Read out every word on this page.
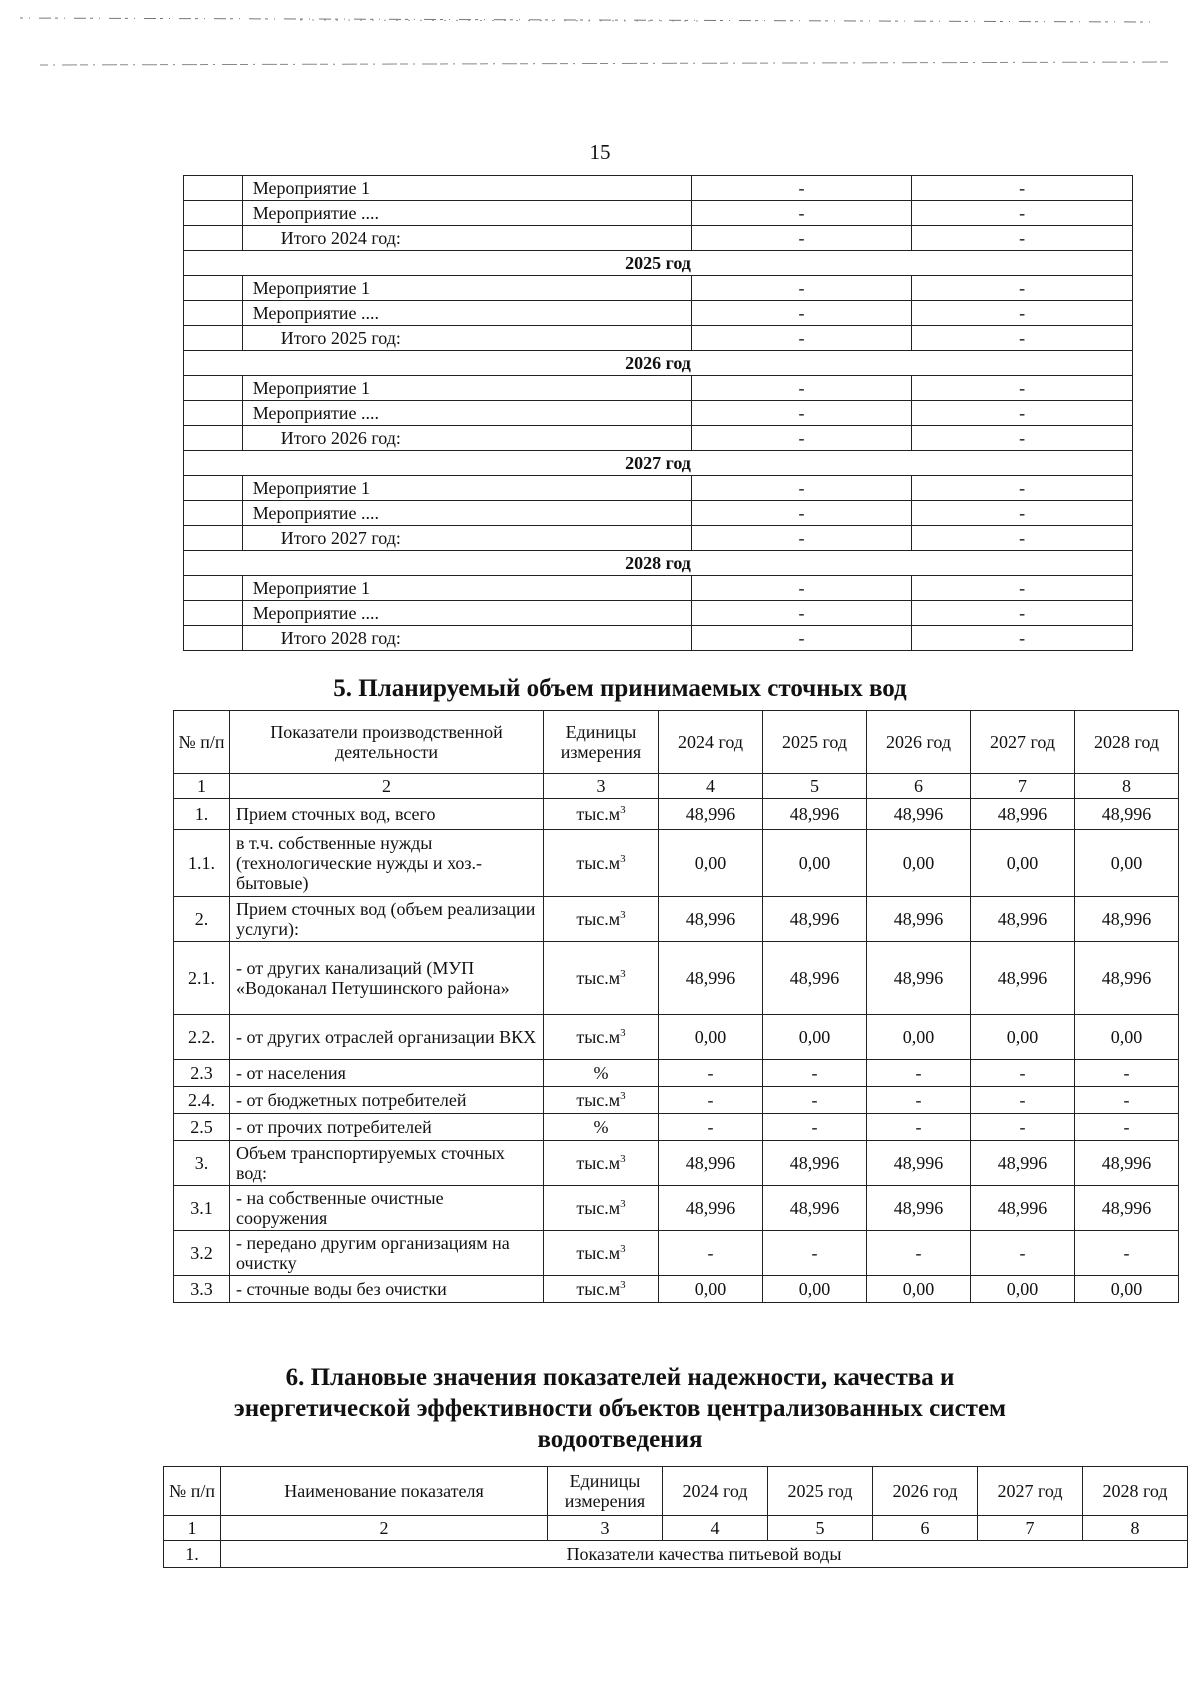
15
	Мероприятие 1	-	-
	Мероприятие ....	-	-
	Итого 2024 год:	-	-
2025 год			
	Мероприятие 1	-	-
	Мероприятие ....	-	-
	Итого 2025 год:	-	-
2026 год			
	Мероприятие 1	-	-
	Мероприятие ....	-	-
	Итого 2026 год:	-	-
2027 год			
	Мероприятие 1	-	-
	Мероприятие ....	-	-
	Итого 2027 год:	-	-
2028 год			
	Мероприятие 1	-	-
	Мероприятие ....	-	-
	Итого 2028 год:	-	-
5. Планируемый объем принимаемых сточных вод
№ п/п	Показатели производственной деятельности	Единицы измерения	2024 год	2025 год	2026 год	2027 год	2028 год
1	2	3	4	5	6	7	8
1.	Прием сточных вод, всего	$тыс.м^3$	48,996	48,996	48,996	48,996	48,996
1.1.	в т.ч. собственные нужды (технологические нужды и хоз.-бытовые)	$тыс.м^3$	0,00	0,00	0,00	0,00	0,00
2.	Прием сточных вод (объем реализации услуги):	$тыс.м^3$	48,996	48,996	48,996	48,996	48,996
2.1.	- от других канализаций (МУП «Водоканал Петушинского района»	$тыс.м^3$	48,996	48,996	48,996	48,996	48,996
2.2.	- от других отраслей организации ВКХ	$тыс.м^3$	0,00	0,00	0,00	0,00	0,00
2.3	- от населения	%	-	-	-	-	-
2.4.	- от бюджетных потребителей	$тыс.м^3$	-	-	-	-	-
2.5	- от прочих потребителей	%	-	-	-	-	-
3.	Объем транспортируемых сточных вод:	$тыс.м^3$	48,996	48,996	48,996	48,996	48,996
3.1	- на собственные очистные сооружения	$тыс.м^3$	48,996	48,996	48,996	48,996	48,996
3.2	- передано другим организациям на очистку	$тыс.м^3$	-	-	-	-	-
3.3	- сточные воды без очистки	$тыс.м^3$	0,00	0,00	0,00	0,00	0,00
6. Плановые значения показателей надежности, качества и
энергетической эффективности объектов централизованных систем
водоотведения
№ п/п	Наименование показателя	Единицы измерения	2024 год	2025 год	2026 год	2027 год	2028 год
1	2	3	4	5	6	7	8
1.	Показатели качества питьевой воды						
